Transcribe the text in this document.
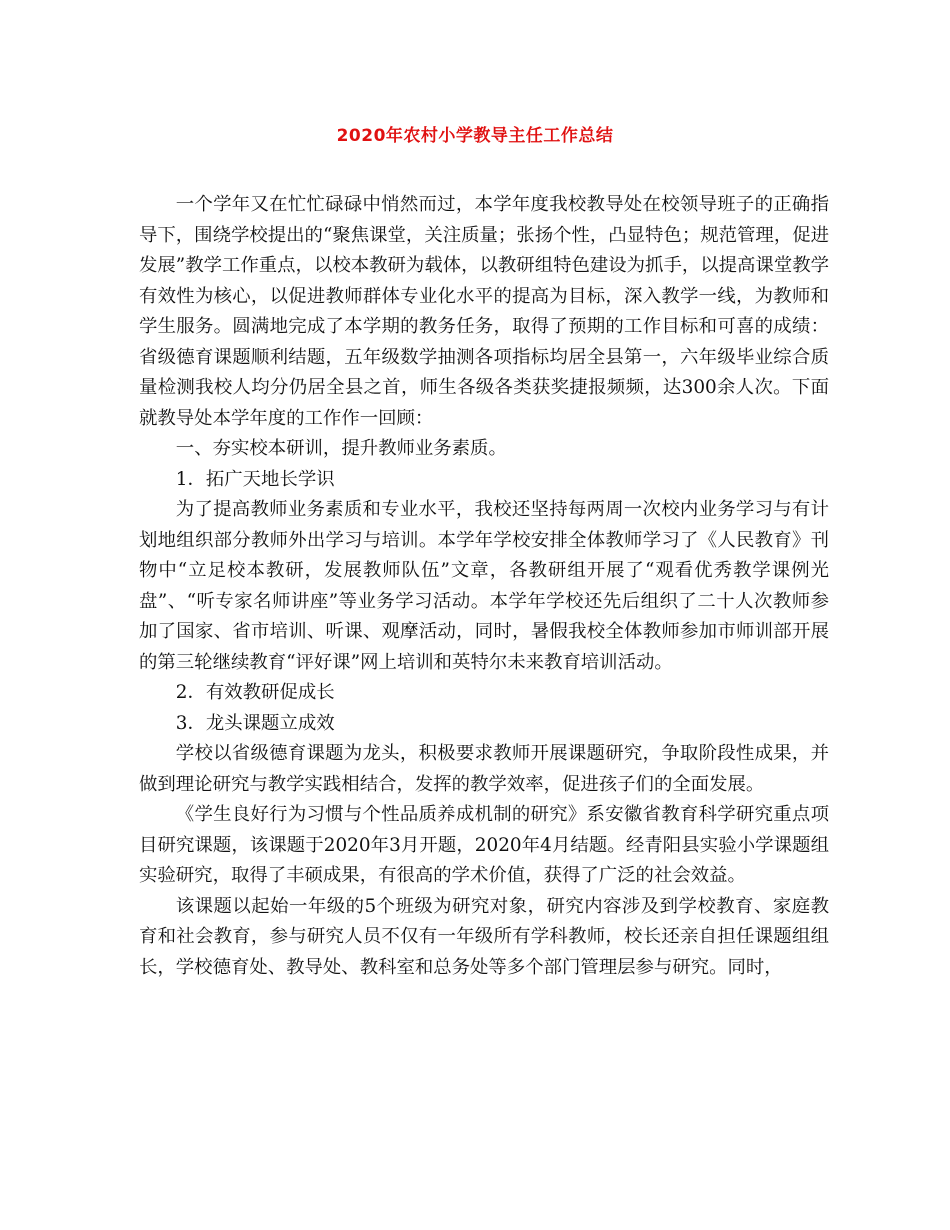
2020年农村小学教导主任工作总结

一个学年又在忙忙碌碌中悄然而过，本学年度我校教导处在校领导班子的正确指导下，围绕学校提出的“聚焦课堂，关注质量；张扬个性，凸显特色；规范管理，促进发展”教学工作重点，以校本教研为载体，以教研组特色建设为抓手，以提高课堂教学有效性为核心，以促进教师群体专业化水平的提高为目标，深入教学一线，为教师和学生服务。圆满地完成了本学期的教务任务，取得了预期的工作目标和可喜的成绩：省级德育课题顺利结题，五年级数学抽测各项指标均居全县第一，六年级毕业综合质量检测我校人均分仍居全县之首，师生各级各类获奖捷报频频，达300余人次。下面就教导处本学年度的工作作一回顾：

一、夯实校本研训，提升教师业务素质。

1．拓广天地长学识

为了提高教师业务素质和专业水平，我校还坚持每两周一次校内业务学习与有计划地组织部分教师外出学习与培训。本学年学校安排全体教师学习了《人民教育》刊物中“立足校本教研，发展教师队伍”文章，各教研组开展了“观看优秀教学课例光盘”、“听专家名师讲座”等业务学习活动。本学年学校还先后组织了二十人次教师参加了国家、省市培训、听课、观摩活动，同时，暑假我校全体教师参加市师训部开展的第三轮继续教育“评好课”网上培训和英特尔未来教育培训活动。

2．有效教研促成长

3．龙头课题立成效

学校以省级德育课题为龙头，积极要求教师开展课题研究，争取阶段性成果，并做到理论研究与教学实践相结合，发挥的教学效率，促进孩子们的全面发展。

《学生良好行为习惯与个性品质养成机制的研究》系安徽省教育科学研究重点项目研究课题，该课题于2020年3月开题，2020年4月结题。经青阳县实验小学课题组实验研究，取得了丰硕成果，有很高的学术价值，获得了广泛的社会效益。

该课题以起始一年级的5个班级为研究对象，研究内容涉及到学校教育、家庭教育和社会教育，参与研究人员不仅有一年级所有学科教师，校长还亲自担任课题组组长，学校德育处、教导处、教科室和总务处等多个部门管理层参与研究。同时，
